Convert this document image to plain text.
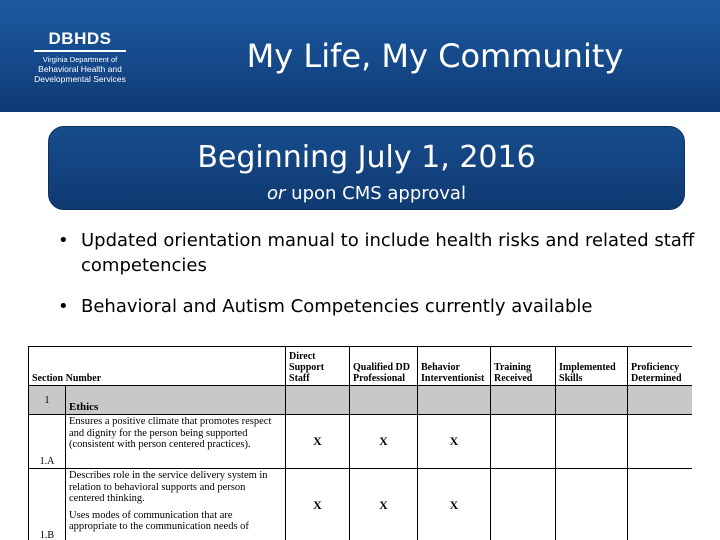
DBHDS
Virginia Department of
Behavioral Health and
Developmental Services
My Life, My Community
Beginning July 1, 2016
or upon CMS approval
• Updated orientation manual to include health risks and related staff competencies
• Behavioral and Autism Competencies currently available
Section Number		Direct Support Staff	Qualified DD Professional	Behavior Interventionist	Training Received	Implemented Skills	Proficiency Determined
1	Ethics						
1.A	Ensures a positive climate that promotes respect and dignity for the person being supported (consistent with person centered practices).	X	X	X			
1.B	Describes role in the service delivery system in relation to behavioral supports and person centered thinking.
Uses modes of communication that are appropriate to the communication needs of	X	X	X			
